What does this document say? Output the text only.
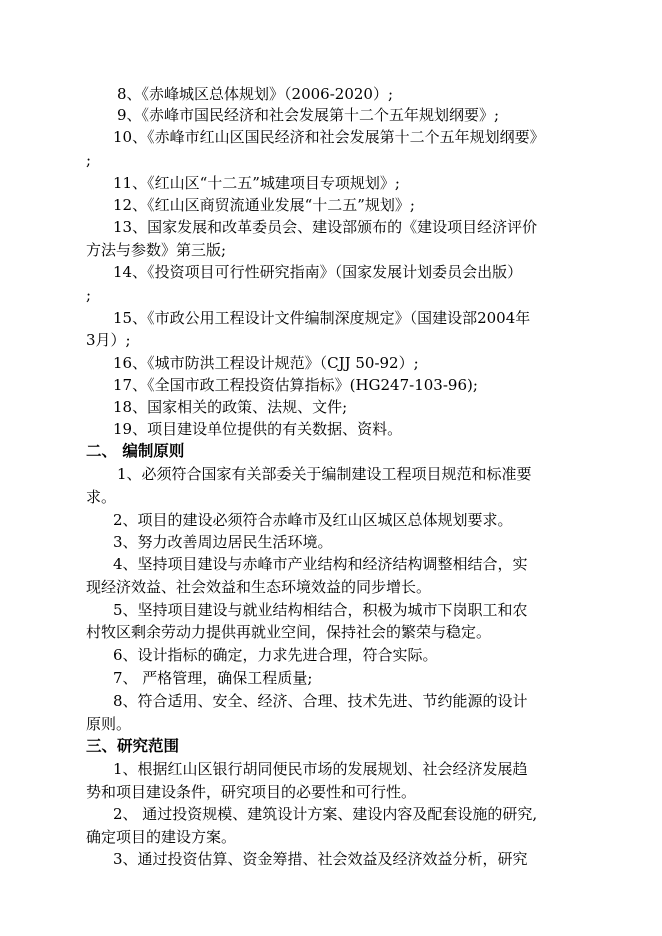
8、《赤峰城区总体规划》（2006-2020）;
9、《赤峰市国民经济和社会发展第十二个五年规划纲要》;
10、《赤峰市红山区国民经济和社会发展第十二个五年规划纲要》
;
11、《红山区“十二五”城建项目专项规划》;
12、《红山区商贸流通业发展“十二五”规划》;
13、国家发展和改革委员会、建设部颁布的《建设项目经济评价
方法与参数》第三版;
14、《投资项目可行性研究指南》（国家发展计划委员会出版）
;
15、《市政公用工程设计文件编制深度规定》（国建设部2004年
3月）;
16、《城市防洪工程设计规范》（CJJ 50-92）;
17、《全国市政工程投资估算指标》(HG247-103-96);
18、国家相关的政策、法规、文件;
19、项目建设单位提供的有关数据、资料。
二、 编制原则
1、必须符合国家有关部委关于编制建设工程项目规范和标准要
求。
2、项目的建设必须符合赤峰市及红山区城区总体规划要求。
3、努力改善周边居民生活环境。
4、坚持项目建设与赤峰市产业结构和经济结构调整相结合，实
现经济效益、社会效益和生态环境效益的同步增长。
5、坚持项目建设与就业结构相结合，积极为城市下岗职工和农
村牧区剩余劳动力提供再就业空间，保持社会的繁荣与稳定。
6、设计指标的确定，力求先进合理，符合实际。
7、 严格管理，确保工程质量;
8、符合适用、安全、经济、合理、技术先进、节约能源的设计
原则。
三、研究范围
1、根据红山区银行胡同便民市场的发展规划、社会经济发展趋
势和项目建设条件，研究项目的必要性和可行性。
2、 通过投资规模、建筑设计方案、建设内容及配套设施的研究,
确定项目的建设方案。
3、通过投资估算、资金筹措、社会效益及经济效益分析，研究
